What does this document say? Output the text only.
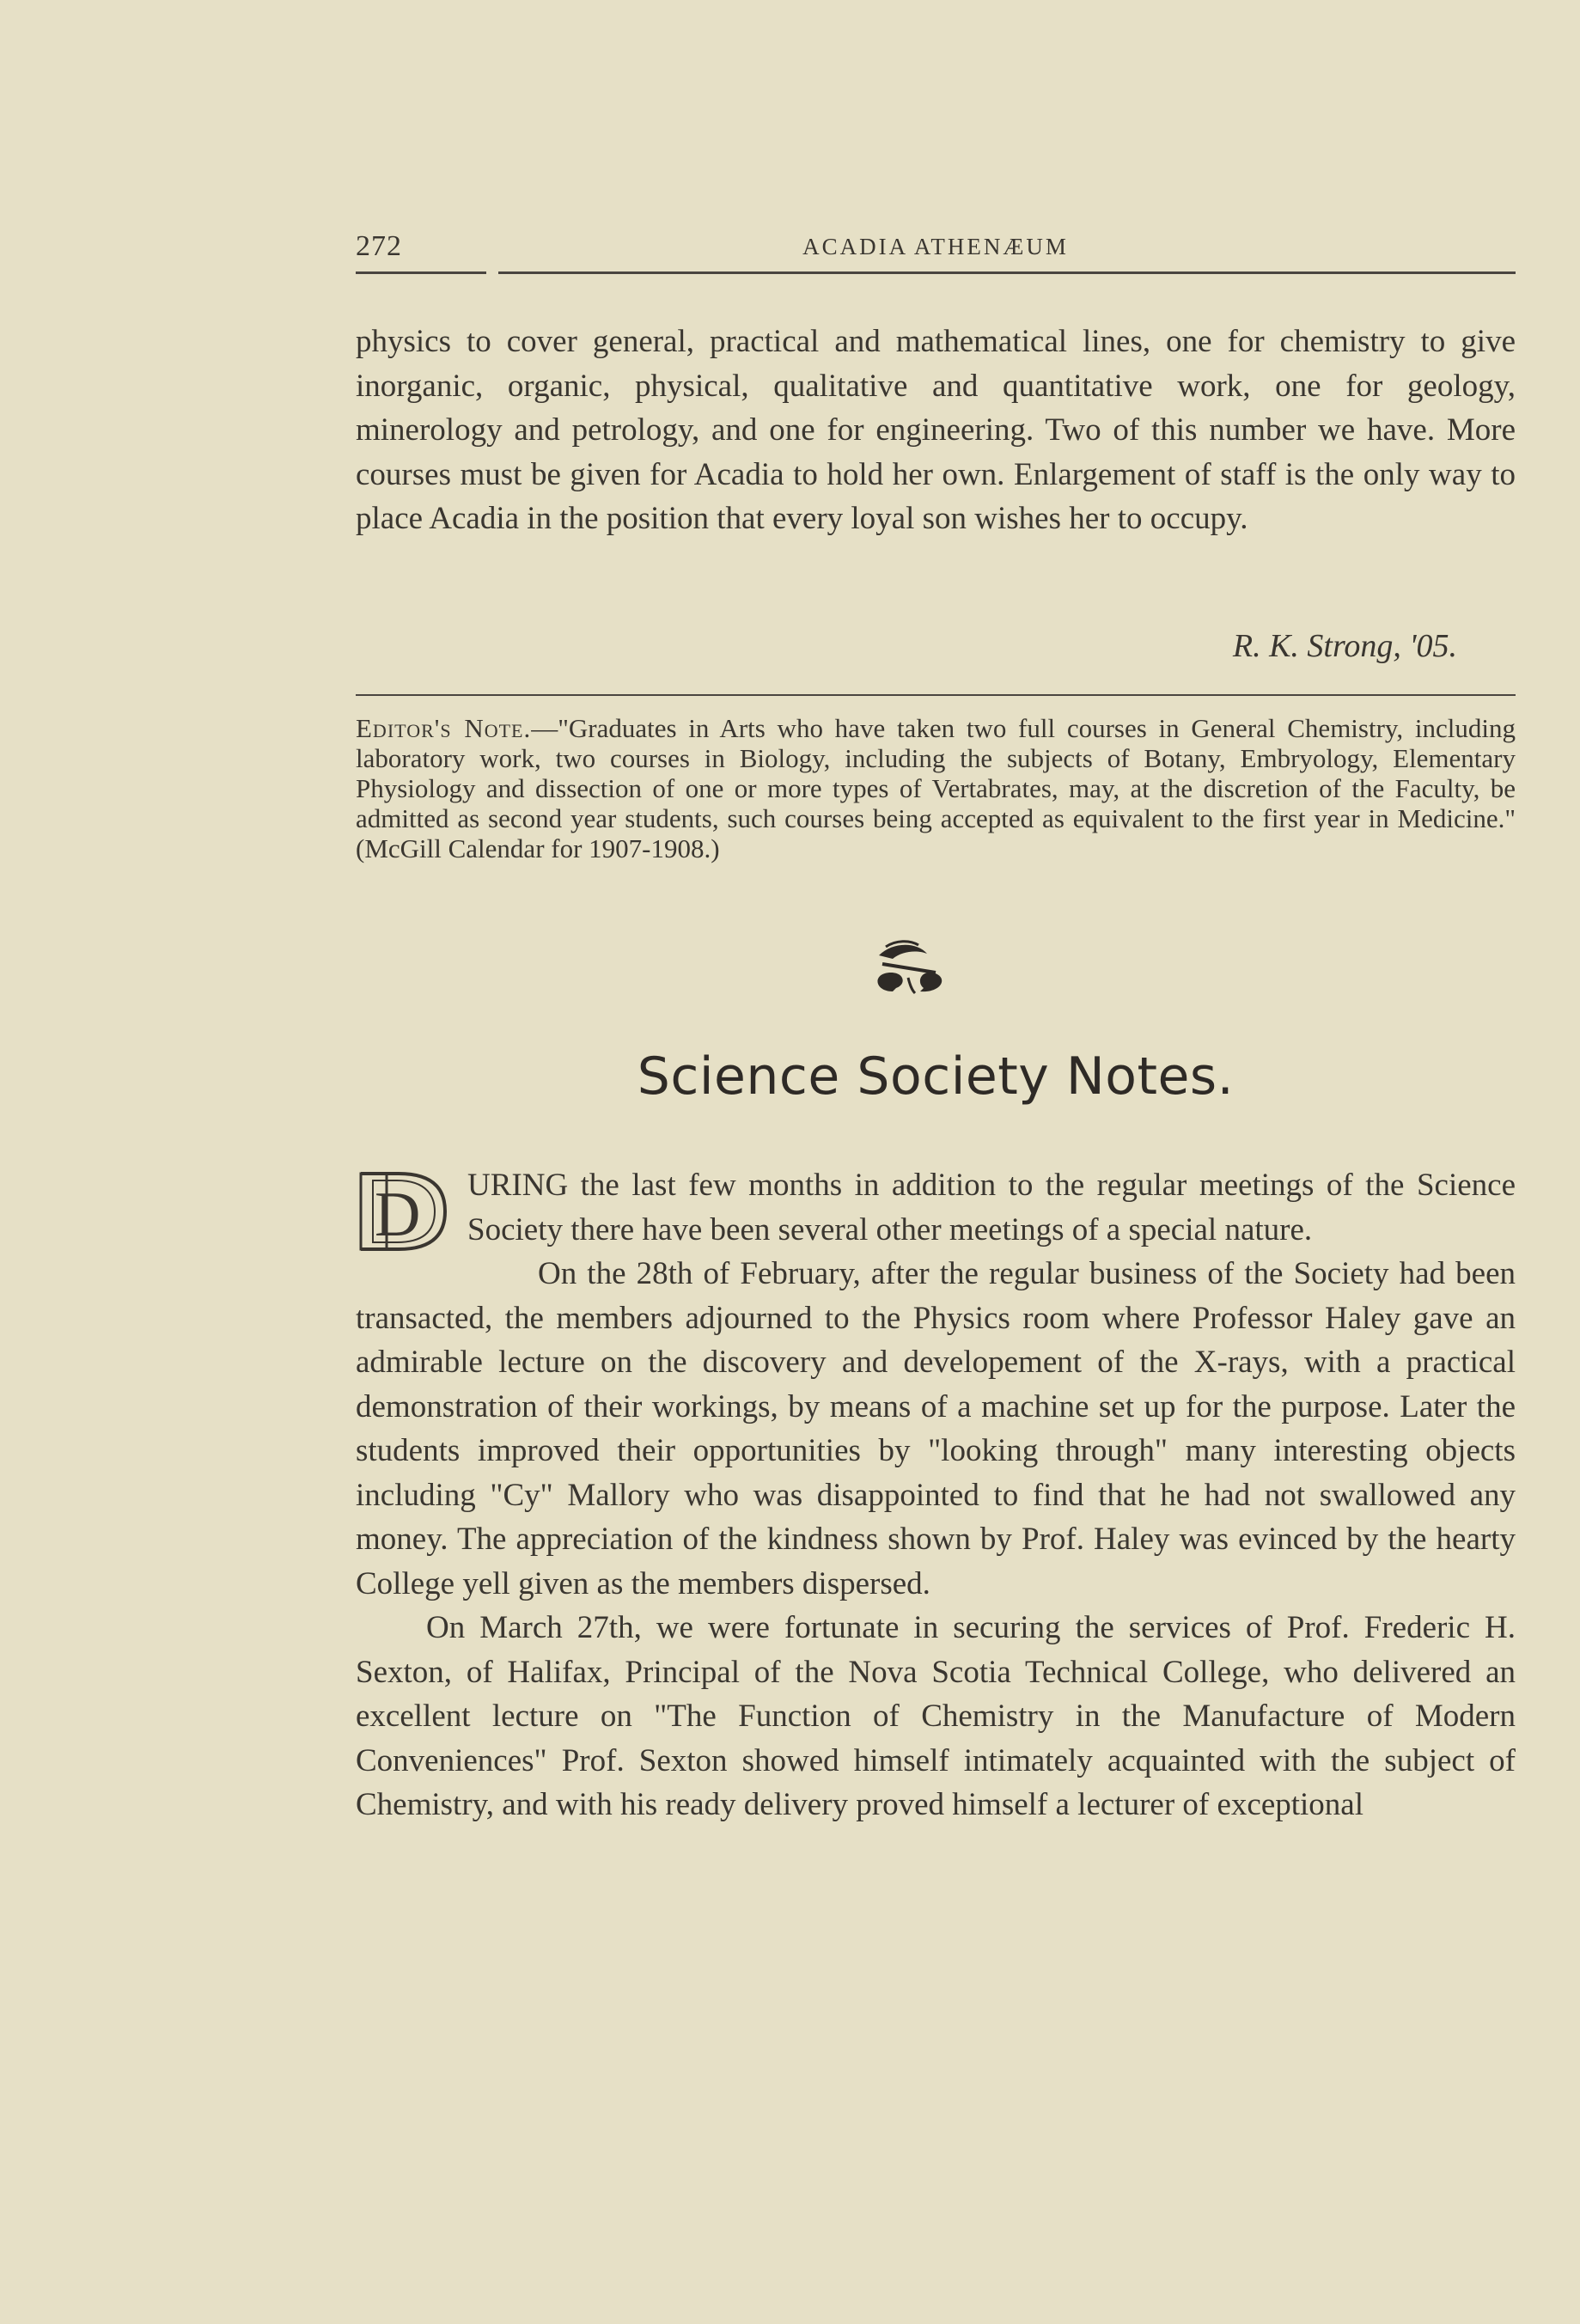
272	ACADIA ATHENÆUM

physics to cover general, practical and mathematical lines, one for chemistry to give inorganic, organic, physical, qualitative and quantitative work, one for geology, minerology and petrology, and one for engineering. Two of this number we have. More courses must be given for Acadia to hold her own. Enlargement of staff is the only way to place Acadia in the position that every loyal son wishes her to occupy.

R. K. Strong, '05.

Editor's Note.—"Graduates in Arts who have taken two full courses in General Chemistry, including laboratory work, two courses in Biology, including the subjects of Botany, Embryology, Elementary Physiology and dissection of one or more types of Vertabrates, may, at the discretion of the Faculty, be admitted as second year students, such courses being accepted as equivalent to the first year in Medicine." (McGill Calendar for 1907-1908.)

Science Society Notes.
D	URING the last few months in addition to the regular meetings of the Science Society there have been several other meetings of a special nature.

On the 28th of February, after the regular business of the Society had been transacted, the members adjourned to the Physics room where Professor Haley gave an admirable lecture on the discovery and developement of the X-rays, with a practical demonstration of their workings, by means of a machine set up for the purpose. Later the students improved their opportunities by "looking through" many interesting objects including "Cy" Mallory who was disappointed to find that he had not swallowed any money. The appreciation of the kindness shown by Prof. Haley was evinced by the hearty College yell given as the members dispersed.

On March 27th, we were fortunate in securing the services of Prof. Frederic H. Sexton, of Halifax, Principal of the Nova Scotia Technical College, who delivered an excellent lecture on "The Function of Chemistry in the Manufacture of Modern Conveniences" Prof. Sexton showed himself intimately acquainted with the subject of Chemistry, and with his ready delivery proved himself a lecturer of exceptional
